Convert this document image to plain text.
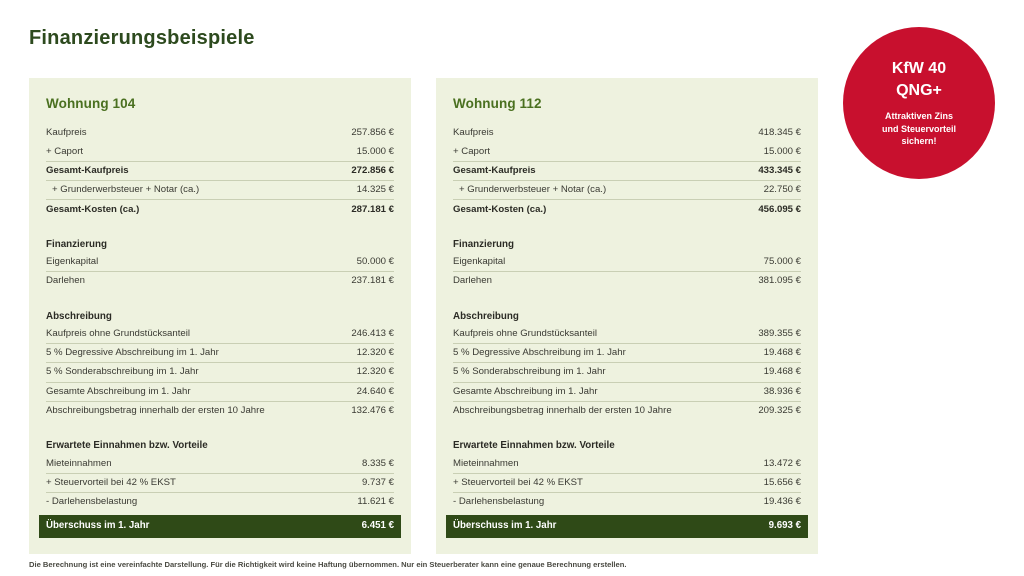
Finanzierungsbeispiele
Wohnung 104
Kaufpreis	257.856 €
+ Caport	15.000 €
Gesamt-Kaufpreis	272.856 €
+ Grunderwerbsteuer + Notar (ca.)	14.325 €
Gesamt-Kosten (ca.)	287.181 €
Finanzierung
Eigenkapital	50.000 €
Darlehen	237.181 €
Abschreibung
Kaufpreis ohne Grundstücksanteil	246.413 €
5 % Degressive Abschreibung im 1. Jahr	12.320 €
5 % Sonderabschreibung im 1. Jahr	12.320 €
Gesamte Abschreibung im 1. Jahr	24.640 €
Abschreibungsbetrag innerhalb der ersten 10 Jahre	132.476 €
Erwartete Einnahmen bzw. Vorteile
Mieteinnahmen	8.335 €
+ Steuervorteil bei 42 % EKST	9.737 €
- Darlehensbelastung	11.621 €
Überschuss im 1. Jahr	6.451 €
Wohnung 112
Kaufpreis	418.345 €
+ Caport	15.000 €
Gesamt-Kaufpreis	433.345 €
+ Grunderwerbsteuer + Notar (ca.)	22.750 €
Gesamt-Kosten (ca.)	456.095 €
Finanzierung
Eigenkapital	75.000 €
Darlehen	381.095 €
Abschreibung
Kaufpreis ohne Grundstücksanteil	389.355 €
5 % Degressive Abschreibung im 1. Jahr	19.468 €
5 % Sonderabschreibung im 1. Jahr	19.468 €
Gesamte Abschreibung im 1. Jahr	38.936 €
Abschreibungsbetrag innerhalb der ersten 10 Jahre	209.325 €
Erwartete Einnahmen bzw. Vorteile
Mieteinnahmen	13.472 €
+ Steuervorteil bei 42 % EKST	15.656 €
- Darlehensbelastung	19.436 €
Überschuss im 1. Jahr	9.693 €
KfW 40
QNG+
Attraktiven Zins
und Steuervorteil
sichern!
Die Berechnung ist eine vereinfachte Darstellung. Für die Richtigkeit wird keine Haftung übernommen. Nur ein Steuerberater kann eine genaue Berechnung erstellen.
